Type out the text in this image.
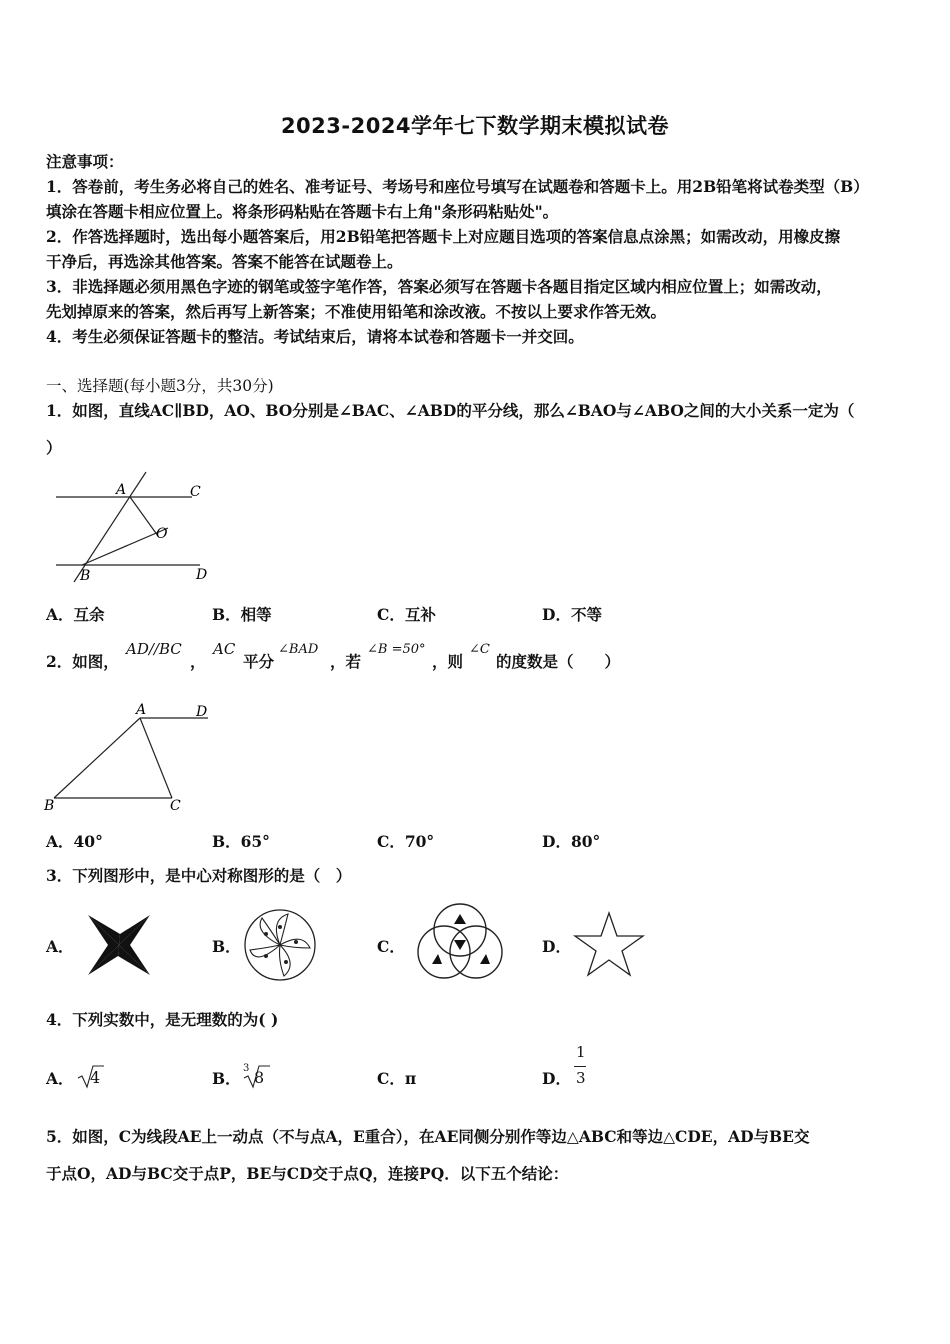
2023-2024学年七下数学期末模拟试卷
注意事项：
1．答卷前，考生务必将自己的姓名、准考证号、考场号和座位号填写在试题卷和答题卡上。用2B铅笔将试卷类型（B）
填涂在答题卡相应位置上。将条形码粘贴在答题卡右上角"条形码粘贴处"。
2．作答选择题时，选出每小题答案后，用2B铅笔把答题卡上对应题目选项的答案信息点涂黑；如需改动，用橡皮擦
干净后，再选涂其他答案。答案不能答在试题卷上。
3．非选择题必须用黑色字迹的钢笔或签字笔作答，答案必须写在答题卡各题目指定区域内相应位置上；如需改动，
先划掉原来的答案，然后再写上新答案；不准使用铅笔和涂改液。不按以上要求作答无效。
4．考生必须保证答题卡的整洁。考试结束后，请将本试卷和答题卡一并交回。
一、选择题(每小题3分，共30分)
1．如图，直线AC∥BD，AO、BO分别是∠BAC、∠ABD的平分线，那么∠BAO与∠ABO之间的大小关系一定为（
）
A	C
O
B	D
A．互余	B．相等	C．互补	D．不等
2．如图，
AD//BC
，
AC
平分
∠BAD
，若
∠B =50°
，则
∠C
的度数是（　　）
A	D
B	C
A．40°	B．65°	C．70°	D．80°
3．下列图形中，是中心对称图形的是（　）
A．	B．	C．	D．
4．下列实数中，是无理数的为( )
A． 4	B．
3 8	C．π	D．
1
3
5．如图，C为线段AE上一动点（不与点A，E重合），在AE同侧分别作等边△ABC和等边△CDE，AD与BE交
于点O，AD与BC交于点P，BE与CD交于点Q，连接PQ．以下五个结论：
